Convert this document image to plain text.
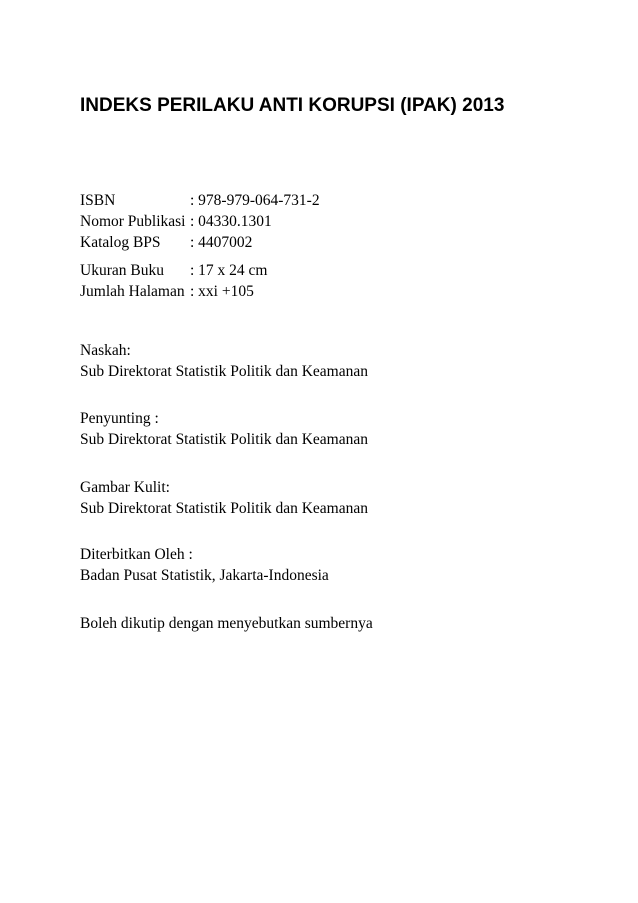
INDEKS PERILAKU ANTI KORUPSI (IPAK) 2013
ISBN	: 978-979-064-731-2
Nomor Publikasi : 04330.1301
Katalog BPS	: 4407002
Ukuran Buku	: 17 x 24 cm
Jumlah Halaman : xxi +105
Naskah:
Sub Direktorat Statistik Politik dan Keamanan
Penyunting :
Sub Direktorat Statistik Politik dan Keamanan
Gambar Kulit:
Sub Direktorat Statistik Politik dan Keamanan
Diterbitkan Oleh :
Badan Pusat Statistik, Jakarta-Indonesia
Boleh dikutip dengan menyebutkan sumbernya
